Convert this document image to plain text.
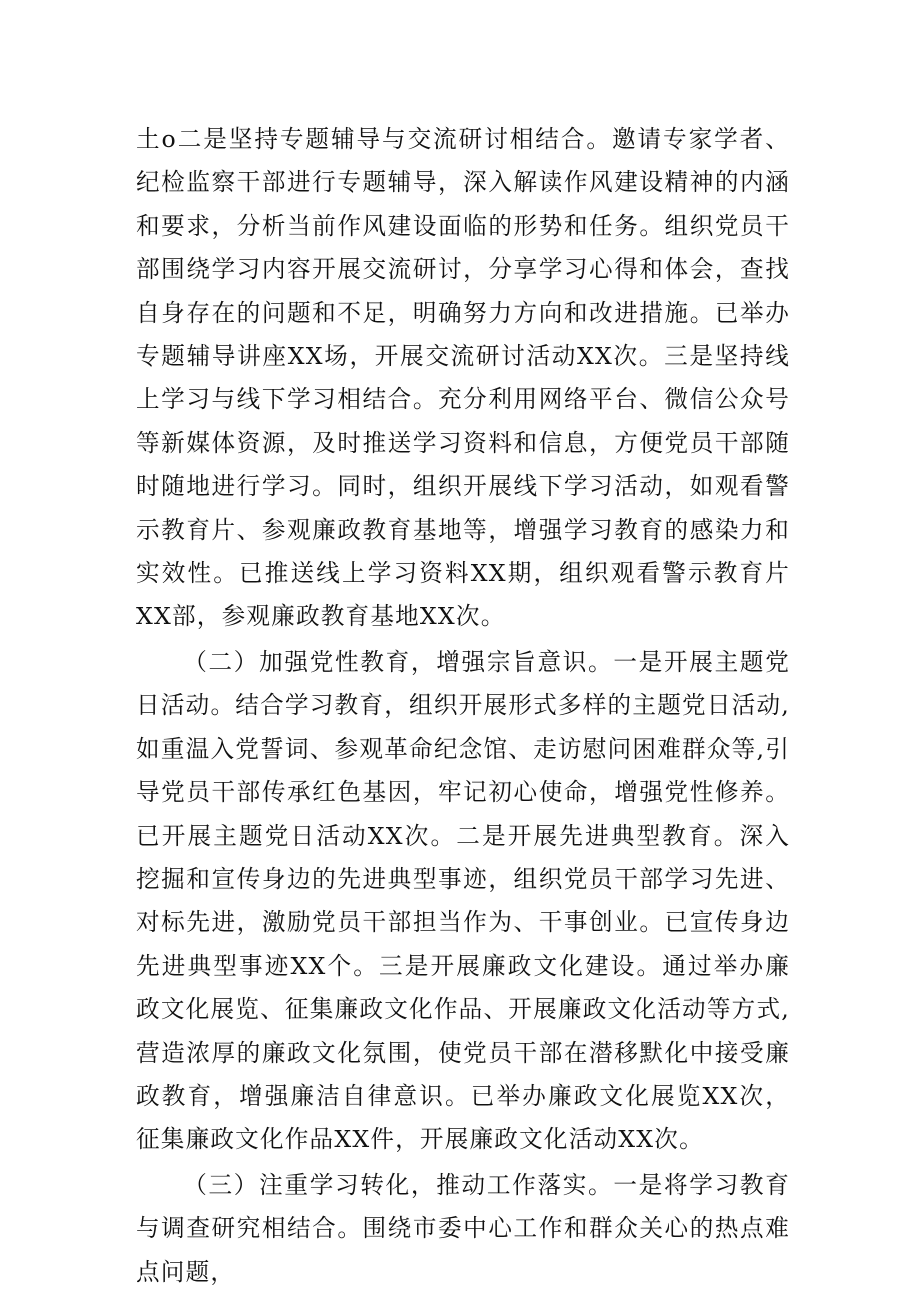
土o二是坚持专题辅导与交流研讨相结合。邀请专家学者、纪检监察干部进行专题辅导，深入解读作风建设精神的内涵和要求，分析当前作风建设面临的形势和任务。组织党员干部围绕学习内容开展交流研讨，分享学习心得和体会，查找自身存在的问题和不足，明确努力方向和改进措施。已举办专题辅导讲座XX场，开展交流研讨活动XX次。三是坚持线上学习与线下学习相结合。充分利用网络平台、微信公众号等新媒体资源，及时推送学习资料和信息，方便党员干部随时随地进行学习。同时，组织开展线下学习活动，如观看警示教育片、参观廉政教育基地等，增强学习教育的感染力和实效性。已推送线上学习资料XX期，组织观看警示教育片XX部，参观廉政教育基地XX次。

（二）加强党性教育，增强宗旨意识。一是开展主题党日活动。结合学习教育，组织开展形式多样的主题党日活动,如重温入党誓词、参观革命纪念馆、走访慰问困难群众等,引导党员干部传承红色基因，牢记初心使命，增强党性修养。已开展主题党日活动XX次。二是开展先进典型教育。深入挖掘和宣传身边的先进典型事迹，组织党员干部学习先进、对标先进，激励党员干部担当作为、干事创业。已宣传身边先进典型事迹XX个。三是开展廉政文化建设。通过举办廉政文化展览、征集廉政文化作品、开展廉政文化活动等方式,营造浓厚的廉政文化氛围，使党员干部在潜移默化中接受廉政教育，增强廉洁自律意识。已举办廉政文化展览XX次，征集廉政文化作品XX件，开展廉政文化活动XX次。

（三）注重学习转化，推动工作落实。一是将学习教育与调查研究相结合。围绕市委中心工作和群众关心的热点难点问题，
